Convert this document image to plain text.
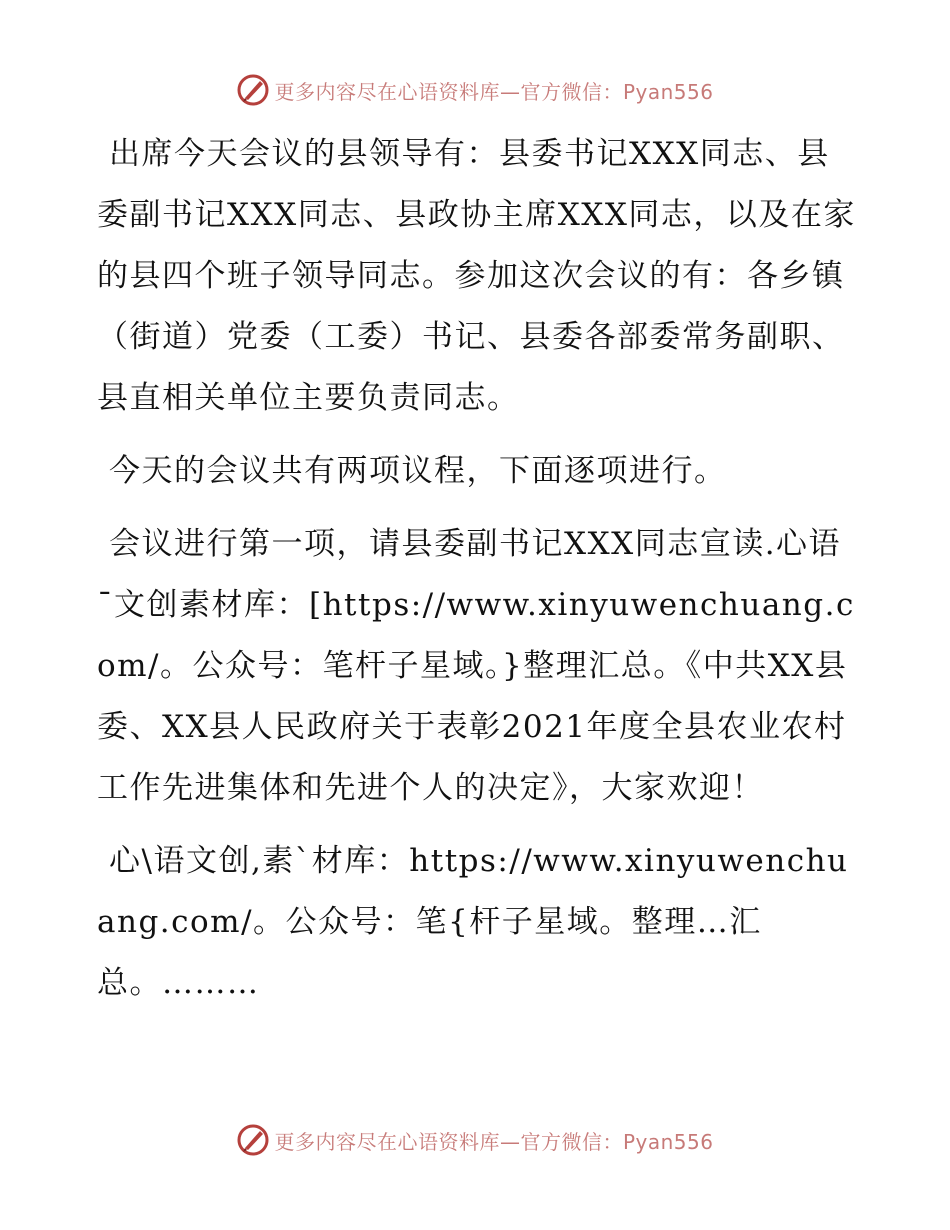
更多内容尽在心语资料库—官方微信：Pyan556

出席今天会议的县领导有：县委书记XXX同志、县委副书记XXX同志、县政协主席XXX同志，以及在家的县四个班子领导同志。参加这次会议的有：各乡镇（街道）党委（工委）书记、县委各部委常务副职、县直相关单位主要负责同志。

今天的会议共有两项议程，下面逐项进行。

会议进行第一项，请县委副书记XXX同志宣读.心语¯文创素材库：[https://www.xinyuwenchuang.com/。公众号：笔杆子星域。}整理汇总。《中共XX县委、XX县人民政府关于表彰2021年度全县农业农村工作先进集体和先进个人的决定》，大家欢迎！

心\语文创,素`材库：https://www.xinyuwenchuang.com/。公众号：笔{杆子星域。整理…汇总。………

更多内容尽在心语资料库—官方微信：Pyan556
